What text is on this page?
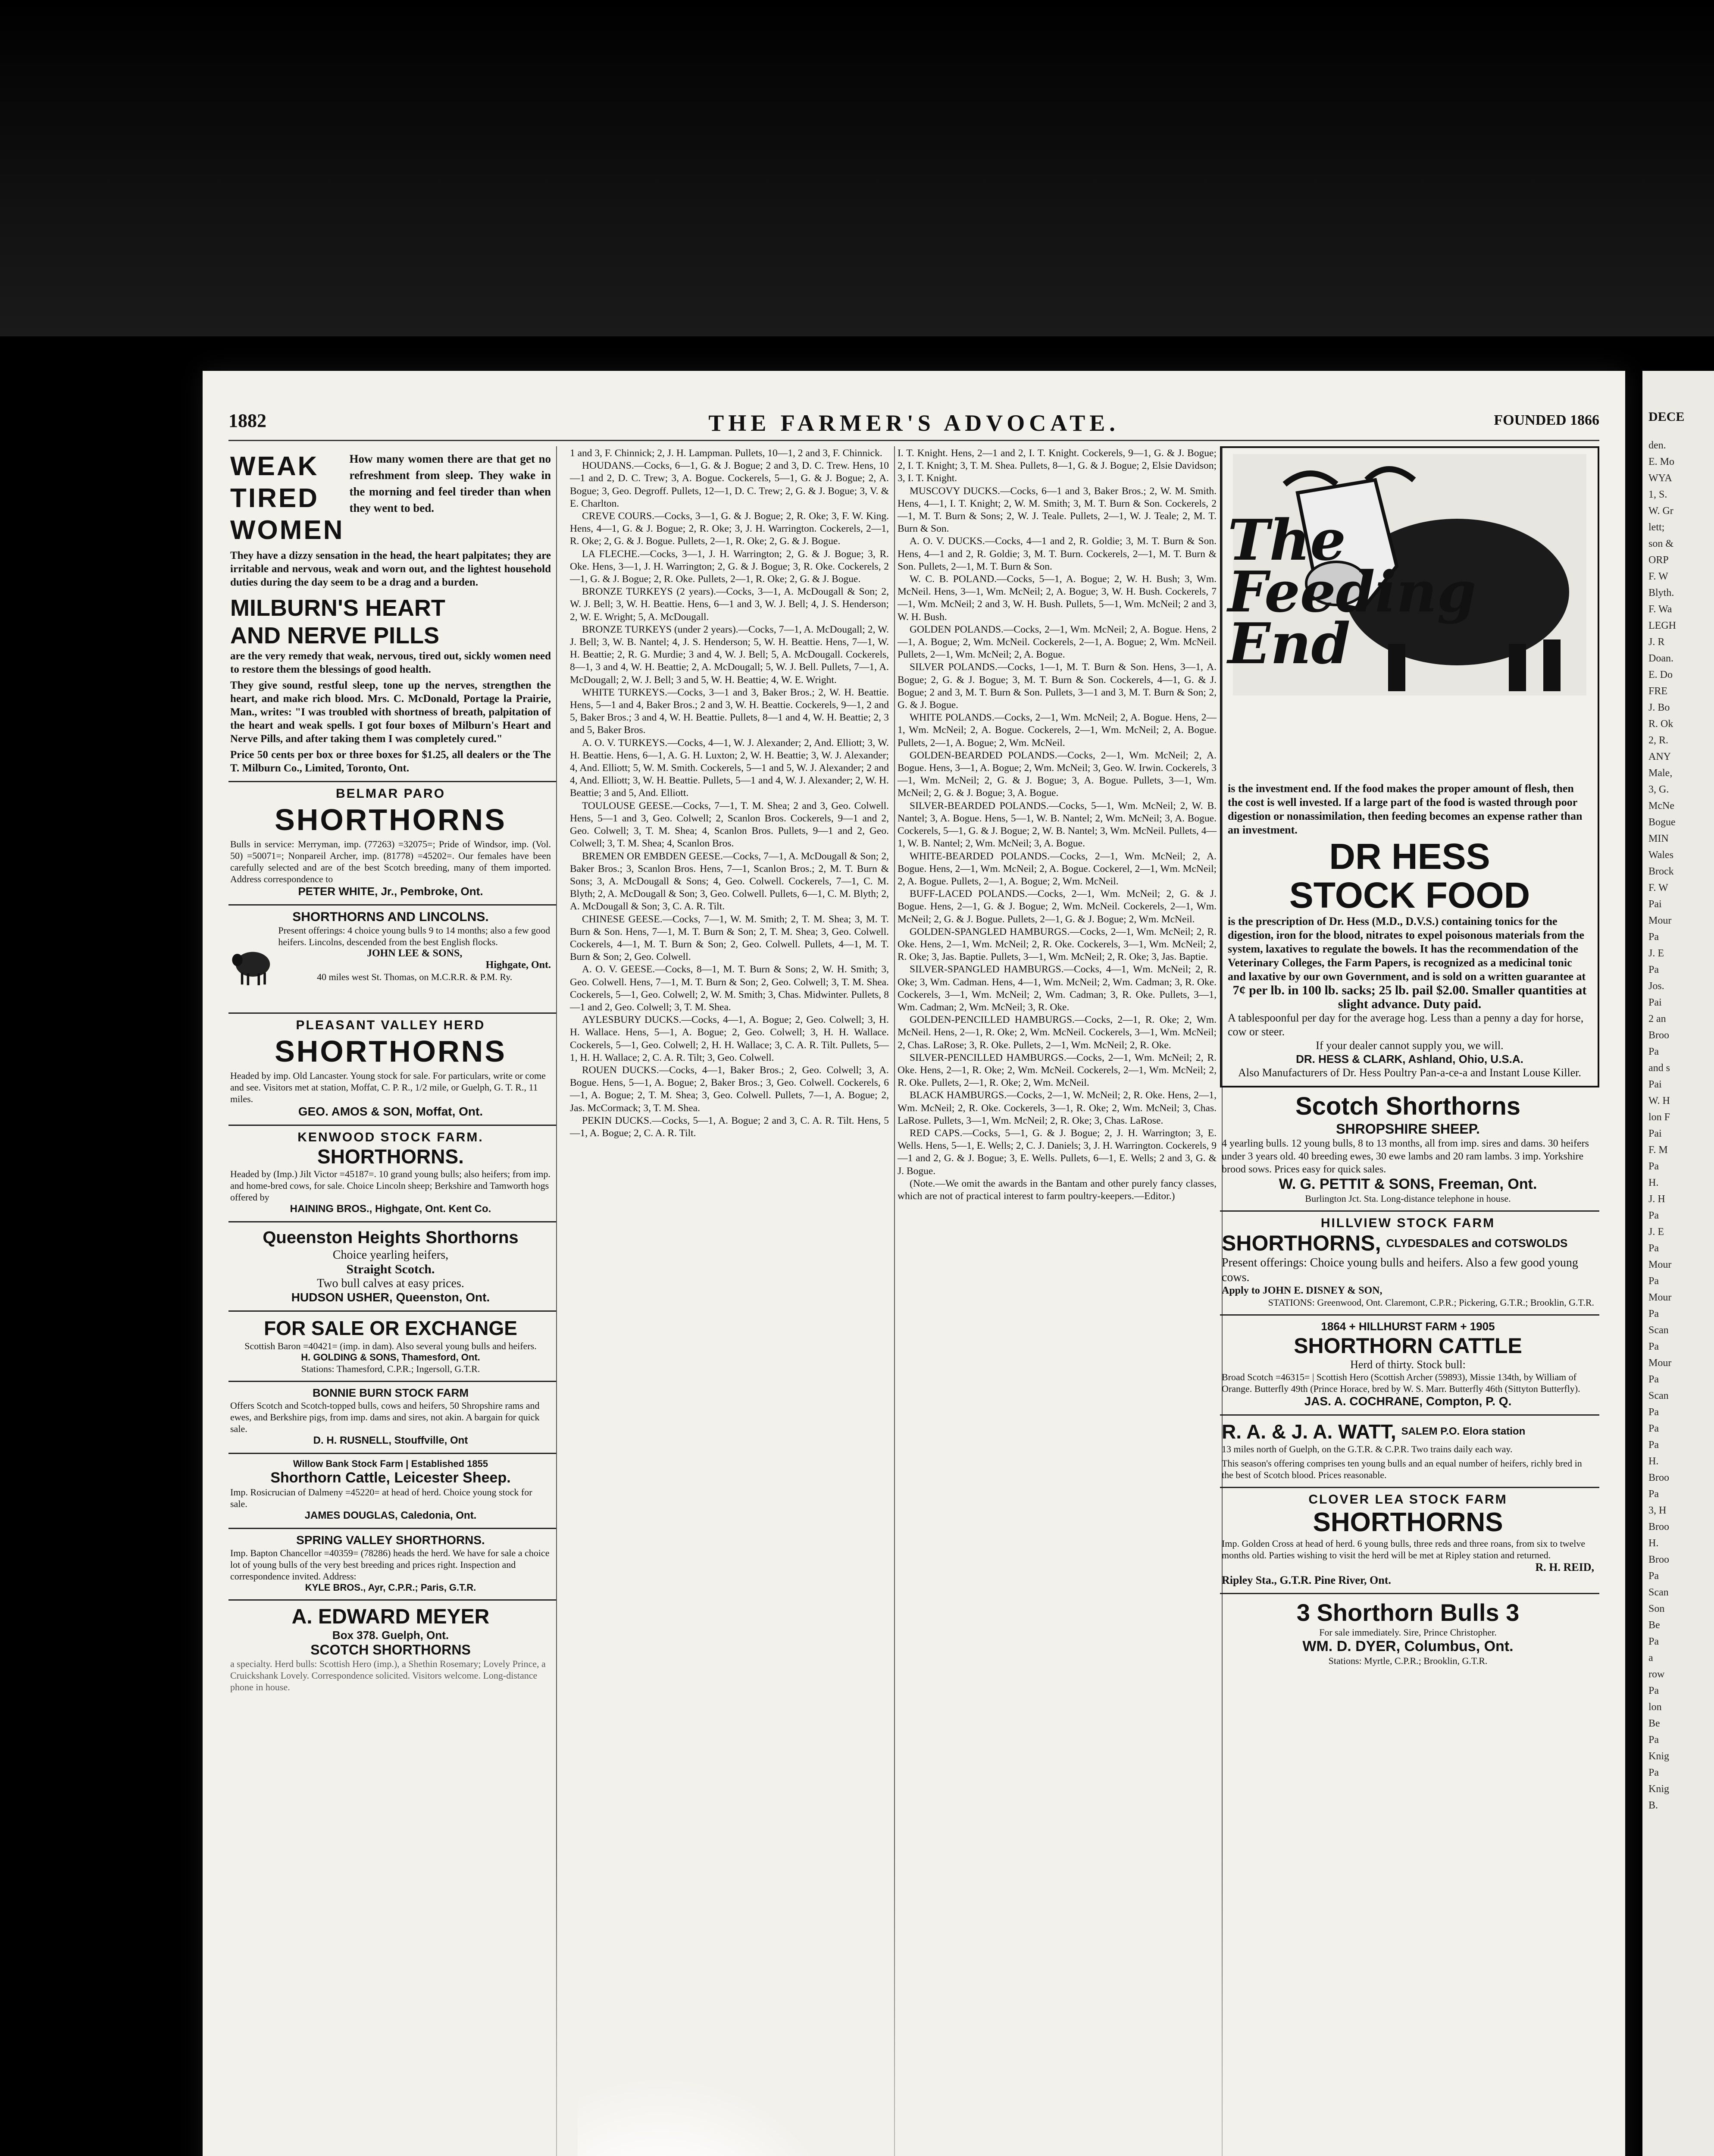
1882	THE FARMER'S ADVOCATE.	FOUNDED 1866
WEAK
TIRED
WOMEN
How many women there are that get no refreshment from sleep. They wake in the morning and feel tireder than when they went to bed.
They have a dizzy sensation in the head, the heart palpitates; they are irritable and nervous, weak and worn out, and the lightest household duties during the day seem to be a drag and a burden.
MILBURN'S HEART
AND NERVE PILLS
are the very remedy that weak, nervous, tired out, sickly women need to restore them the blessings of good health.
They give sound, restful sleep, tone up the nerves, strengthen the heart, and make rich blood. Mrs. C. McDonald, Portage la Prairie, Man., writes: "I was troubled with shortness of breath, palpitation of the heart and weak spells. I got four boxes of Milburn's Heart and Nerve Pills, and after taking them I was completely cured."
Price 50 cents per box or three boxes for $1.25, all dealers or the The T. Milburn Co., Limited, Toronto, Ont.
BELMAR PARO
SHORTHORNS
Bulls in service: Merryman, imp. (77263) =32075=; Pride of Windsor, imp. (Vol. 50) =50071=; Nonpareil Archer, imp. (81778) =45202=. Our females have been carefully selected and are of the best Scotch breeding, many of them imported. Address correspondence to
PETER WHITE, Jr., Pembroke, Ont.
SHORTHORNS AND LINCOLNS.
Present offerings: 4 choice young bulls 9 to 14 months; also a few good heifers. Lincolns, descended from the best English flocks.
JOHN LEE & SONS,
Highgate, Ont.
40 miles west St. Thomas, on M.C.R.R. & P.M. Ry.
PLEASANT VALLEY HERD
SHORTHORNS
Headed by imp. Old Lancaster. Young stock for sale. For particulars, write or come and see. Visitors met at station, Moffat, C. P. R., 1/2 mile, or Guelph, G. T. R., 11 miles.
GEO. AMOS & SON, Moffat, Ont.
KENWOOD STOCK FARM.
SHORTHORNS.
Headed by (Imp.) Jilt Victor =45187=. 10 grand young bulls; also heifers; from imp. and home-bred cows, for sale. Choice Lincoln sheep; Berkshire and Tamworth hogs offered by
HAINING BROS., Highgate, Ont. Kent Co.
Queenston Heights Shorthorns
Choice yearling heifers,
Straight Scotch.
Two bull calves at easy prices.
HUDSON USHER, Queenston, Ont.
FOR SALE OR EXCHANGE
Scottish Baron =40421= (imp. in dam). Also several young bulls and heifers.
H. GOLDING & SONS, Thamesford, Ont.
Stations: Thamesford, C.P.R.; Ingersoll, G.T.R.
BONNIE BURN STOCK FARM
Offers Scotch and Scotch-topped bulls, cows and heifers, 50 Shropshire rams and ewes, and Berkshire pigs, from imp. dams and sires, not akin. A bargain for quick sale.
D. H. RUSNELL, Stouffville, Ont
Willow Bank Stock Farm | Established 1855
Shorthorn Cattle, Leicester Sheep.
Imp. Rosicrucian of Dalmeny =45220= at head of herd. Choice young stock for sale.
JAMES DOUGLAS, Caledonia, Ont.
SPRING VALLEY SHORTHORNS.
Imp. Bapton Chancellor =40359= (78286) heads the herd. We have for sale a choice lot of young bulls of the very best breeding and prices right. Inspection and correspondence invited. Address:
KYLE BROS., Ayr, C.P.R.; Paris, G.T.R.
A. EDWARD MEYER
Box 378. Guelph, Ont.
SCOTCH SHORTHORNS
a specialty. Herd bulls: Scottish Hero (imp.), a Shethin Rosemary; Lovely Prince, a Cruickshank Lovely. Correspondence solicited. Visitors welcome. Long-distance phone in house.

1 and 3, F. Chinnick; 2, J. H. Lampman. Pullets, 10—1, 2 and 3, F. Chinnick.

HOUDANS.—Cocks, 6—1, G. & J. Bogue; 2 and 3, D. C. Trew. Hens, 10—1 and 2, D. C. Trew; 3, A. Bogue. Cockerels, 5—1, G. & J. Bogue; 2, A. Bogue; 3, Geo. Degroff. Pullets, 12—1, D. C. Trew; 2, G. & J. Bogue; 3, V. & E. Charlton.

CREVE COURS.—Cocks, 3—1, G. & J. Bogue; 2, R. Oke; 3, F. W. King. Hens, 4—1, G. & J. Bogue; 2, R. Oke; 3, J. H. Warrington. Cockerels, 2—1, R. Oke; 2, G. & J. Bogue. Pullets, 2—1, R. Oke; 2, G. & J. Bogue.

LA FLECHE.—Cocks, 3—1, J. H. Warrington; 2, G. & J. Bogue; 3, R. Oke. Hens, 3—1, J. H. Warrington; 2, G. & J. Bogue; 3, R. Oke. Cockerels, 2—1, G. & J. Bogue; 2, R. Oke. Pullets, 2—1, R. Oke; 2, G. & J. Bogue.

BRONZE TURKEYS (2 years).—Cocks, 3—1, A. McDougall & Son; 2, W. J. Bell; 3, W. H. Beattie. Hens, 6—1 and 3, W. J. Bell; 4, J. S. Henderson; 2, W. E. Wright; 5, A. McDougall.

BRONZE TURKEYS (under 2 years).—Cocks, 7—1, A. McDougall; 2, W. J. Bell; 3, W. B. Nantel; 4, J. S. Henderson; 5, W. H. Beattie. Hens, 7—1, W. H. Beattie; 2, R. G. Murdie; 3 and 4, W. J. Bell; 5, A. McDougall. Cockerels, 8—1, 3 and 4, W. H. Beattie; 2, A. McDougall; 5, W. J. Bell. Pullets, 7—1, A. McDougall; 2, W. J. Bell; 3 and 5, W. H. Beattie; 4, W. E. Wright.

WHITE TURKEYS.—Cocks, 3—1 and 3, Baker Bros.; 2, W. H. Beattie. Hens, 5—1 and 4, Baker Bros.; 2 and 3, W. H. Beattie. Cockerels, 9—1, 2 and 5, Baker Bros.; 3 and 4, W. H. Beattie. Pullets, 8—1 and 4, W. H. Beattie; 2, 3 and 5, Baker Bros.

A. O. V. TURKEYS.—Cocks, 4—1, W. J. Alexander; 2, And. Elliott; 3, W. H. Beattie. Hens, 6—1, A. G. H. Luxton; 2, W. H. Beattie; 3, W. J. Alexander; 4, And. Elliott; 5, W. M. Smith. Cockerels, 5—1 and 5, W. J. Alexander; 2 and 4, And. Elliott; 3, W. H. Beattie. Pullets, 5—1 and 4, W. J. Alexander; 2, W. H. Beattie; 3 and 5, And. Elliott.

TOULOUSE GEESE.—Cocks, 7—1, T. M. Shea; 2 and 3, Geo. Colwell. Hens, 5—1 and 3, Geo. Colwell; 2, Scanlon Bros. Cockerels, 9—1 and 2, Geo. Colwell; 3, T. M. Shea; 4, Scanlon Bros. Pullets, 9—1 and 2, Geo. Colwell; 3, T. M. Shea; 4, Scanlon Bros.

BREMEN OR EMBDEN GEESE.—Cocks, 7—1, A. McDougall & Son; 2, Baker Bros.; 3, Scanlon Bros. Hens, 7—1, Scanlon Bros.; 2, M. T. Burn & Sons; 3, A. McDougall & Sons; 4, Geo. Colwell. Cockerels, 7—1, C. M. Blyth; 2, A. McDougall & Son; 3, Geo. Colwell. Pullets, 6—1, C. M. Blyth; 2, A. McDougall & Son; 3, C. A. R. Tilt.

CHINESE GEESE.—Cocks, 7—1, W. M. Smith; 2, T. M. Shea; 3, M. T. Burn & Son. Hens, 7—1, M. T. Burn & Son; 2, T. M. Shea; 3, Geo. Colwell. Cockerels, 4—1, M. T. Burn & Son; 2, Geo. Colwell. Pullets, 4—1, M. T. Burn & Son; 2, Geo. Colwell.

A. O. V. GEESE.—Cocks, 8—1, M. T. Burn & Sons; 2, W. H. Smith; 3, Geo. Colwell. Hens, 7—1, M. T. Burn & Son; 2, Geo. Colwell; 3, T. M. Shea. Cockerels, 5—1, Geo. Colwell; 2, W. M. Smith; 3, Chas. Midwinter. Pullets, 8—1 and 2, Geo. Colwell; 3, T. M. Shea.

AYLESBURY DUCKS.—Cocks, 4—1, A. Bogue; 2, Geo. Colwell; 3, H. H. Wallace. Hens, 5—1, A. Bogue; 2, Geo. Colwell; 3, H. H. Wallace. Cockerels, 5—1, Geo. Colwell; 2, H. H. Wallace; 3, C. A. R. Tilt. Pullets, 5—1, H. H. Wallace; 2, C. A. R. Tilt; 3, Geo. Colwell.

ROUEN DUCKS.—Cocks, 4—1, Baker Bros.; 2, Geo. Colwell; 3, A. Bogue. Hens, 5—1, A. Bogue; 2, Baker Bros.; 3, Geo. Colwell. Cockerels, 6—1, A. Bogue; 2, T. M. Shea; 3, Geo. Colwell. Pullets, 7—1, A. Bogue; 2, Jas. McCormack; 3, T. M. Shea.

PEKIN DUCKS.—Cocks, 5—1, A. Bogue; 2 and 3, C. A. R. Tilt. Hens, 5—1, A. Bogue; 2, C. A. R. Tilt.

I. T. Knight. Hens, 2—1 and 2, I. T. Knight. Cockerels, 9—1, G. & J. Bogue; 2, I. T. Knight; 3, T. M. Shea. Pullets, 8—1, G. & J. Bogue; 2, Elsie Davidson; 3, I. T. Knight.

MUSCOVY DUCKS.—Cocks, 6—1 and 3, Baker Bros.; 2, W. M. Smith. Hens, 4—1, I. T. Knight; 2, W. M. Smith; 3, M. T. Burn & Son. Cockerels, 2—1, M. T. Burn & Sons; 2, W. J. Teale. Pullets, 2—1, W. J. Teale; 2, M. T. Burn & Son.

A. O. V. DUCKS.—Cocks, 4—1 and 2, R. Goldie; 3, M. T. Burn & Son. Hens, 4—1 and 2, R. Goldie; 3, M. T. Burn. Cockerels, 2—1, M. T. Burn & Son. Pullets, 2—1, M. T. Burn & Son.

W. C. B. POLAND.—Cocks, 5—1, A. Bogue; 2, W. H. Bush; 3, Wm. McNeil. Hens, 3—1, Wm. McNeil; 2, A. Bogue; 3, W. H. Bush. Cockerels, 7—1, Wm. McNeil; 2 and 3, W. H. Bush. Pullets, 5—1, Wm. McNeil; 2 and 3, W. H. Bush.

GOLDEN POLANDS.—Cocks, 2—1, Wm. McNeil; 2, A. Bogue. Hens, 2—1, A. Bogue; 2, Wm. McNeil. Cockerels, 2—1, A. Bogue; 2, Wm. McNeil. Pullets, 2—1, Wm. McNeil; 2, A. Bogue.

SILVER POLANDS.—Cocks, 1—1, M. T. Burn & Son. Hens, 3—1, A. Bogue; 2, G. & J. Bogue; 3, M. T. Burn & Son. Cockerels, 4—1, G. & J. Bogue; 2 and 3, M. T. Burn & Son. Pullets, 3—1 and 3, M. T. Burn & Son; 2, G. & J. Bogue.

WHITE POLANDS.—Cocks, 2—1, Wm. McNeil; 2, A. Bogue. Hens, 2—1, Wm. McNeil; 2, A. Bogue. Cockerels, 2—1, Wm. McNeil; 2, A. Bogue. Pullets, 2—1, A. Bogue; 2, Wm. McNeil.

GOLDEN-BEARDED POLANDS.—Cocks, 2—1, Wm. McNeil; 2, A. Bogue. Hens, 3—1, A. Bogue; 2, Wm. McNeil; 3, Geo. W. Irwin. Cockerels, 3—1, Wm. McNeil; 2, G. & J. Bogue; 3, A. Bogue. Pullets, 3—1, Wm. McNeil; 2, G. & J. Bogue; 3, A. Bogue.

SILVER-BEARDED POLANDS.—Cocks, 5—1, Wm. McNeil; 2, W. B. Nantel; 3, A. Bogue. Hens, 5—1, W. B. Nantel; 2, Wm. McNeil; 3, A. Bogue. Cockerels, 5—1, G. & J. Bogue; 2, W. B. Nantel; 3, Wm. McNeil. Pullets, 4—1, W. B. Nantel; 2, Wm. McNeil; 3, A. Bogue.

WHITE-BEARDED POLANDS.—Cocks, 2—1, Wm. McNeil; 2, A. Bogue. Hens, 2—1, Wm. McNeil; 2, A. Bogue. Cockerel, 2—1, Wm. McNeil; 2, A. Bogue. Pullets, 2—1, A. Bogue; 2, Wm. McNeil.

BUFF-LACED POLANDS.—Cocks, 2—1, Wm. McNeil; 2, G. & J. Bogue. Hens, 2—1, G. & J. Bogue; 2, Wm. McNeil. Cockerels, 2—1, Wm. McNeil; 2, G. & J. Bogue. Pullets, 2—1, G. & J. Bogue; 2, Wm. McNeil.

GOLDEN-SPANGLED HAMBURGS.—Cocks, 2—1, Wm. McNeil; 2, R. Oke. Hens, 2—1, Wm. McNeil; 2, R. Oke. Cockerels, 3—1, Wm. McNeil; 2, R. Oke; 3, Jas. Baptie. Pullets, 3—1, Wm. McNeil; 2, R. Oke; 3, Jas. Baptie.

SILVER-SPANGLED HAMBURGS.—Cocks, 4—1, Wm. McNeil; 2, R. Oke; 3, Wm. Cadman. Hens, 4—1, Wm. McNeil; 2, Wm. Cadman; 3, R. Oke. Cockerels, 3—1, Wm. McNeil; 2, Wm. Cadman; 3, R. Oke. Pullets, 3—1, Wm. Cadman; 2, Wm. McNeil; 3, R. Oke.

GOLDEN-PENCILLED HAMBURGS.—Cocks, 2—1, R. Oke; 2, Wm. McNeil. Hens, 2—1, R. Oke; 2, Wm. McNeil. Cockerels, 3—1, Wm. McNeil; 2, Chas. LaRose; 3, R. Oke. Pullets, 2—1, Wm. McNeil; 2, R. Oke.

SILVER-PENCILLED HAMBURGS.—Cocks, 2—1, Wm. McNeil; 2, R. Oke. Hens, 2—1, R. Oke; 2, Wm. McNeil. Cockerels, 2—1, Wm. McNeil; 2, R. Oke. Pullets, 2—1, R. Oke; 2, Wm. McNeil.

BLACK HAMBURGS.—Cocks, 2—1, W. McNeil; 2, R. Oke. Hens, 2—1, Wm. McNeil; 2, R. Oke. Cockerels, 3—1, R. Oke; 2, Wm. McNeil; 3, Chas. LaRose. Pullets, 3—1, Wm. McNeil; 2, R. Oke; 3, Chas. LaRose.

RED CAPS.—Cocks, 5—1, G. & J. Bogue; 2, J. H. Warrington; 3, E. Wells. Hens, 5—1, E. Wells; 2, C. J. Daniels; 3, J. H. Warrington. Cockerels, 9—1 and 2, G. & J. Bogue; 3, E. Wells. Pullets, 6—1, E. Wells; 2 and 3, G. & J. Bogue.

(Note.—We omit the awards in the Bantam and other purely fancy classes, which are not of practical interest to farm poultry-keepers.—Editor.)

The Feeding End
is the investment end. If the food makes the proper amount of flesh, then the cost is well invested. If a large part of the food is wasted through poor digestion or nonassimilation, then feeding becomes an expense rather than an investment.
DR HESS
STOCK FOOD
is the prescription of Dr. Hess (M.D., D.V.S.) containing tonics for the digestion, iron for the blood, nitrates to expel poisonous materials from the system, laxatives to regulate the bowels. It has the recommendation of the Veterinary Colleges, the Farm Papers, is recognized as a medicinal tonic and laxative by our own Government, and is sold on a written guarantee at
7¢ per lb. in 100 lb. sacks; 25 lb. pail $2.00. Smaller quantities at slight advance. Duty paid.
A tablespoonful per day for the average hog. Less than a penny a day for horse, cow or steer.
If your dealer cannot supply you, we will.
DR. HESS & CLARK, Ashland, Ohio, U.S.A.
Also Manufacturers of Dr. Hess Poultry Pan-a-ce-a and Instant Louse Killer.
Scotch Shorthorns
SHROPSHIRE SHEEP.
4 yearling bulls. 12 young bulls, 8 to 13 months, all from imp. sires and dams. 30 heifers under 3 years old. 40 breeding ewes, 30 ewe lambs and 20 ram lambs. 3 imp. Yorkshire brood sows. Prices easy for quick sales.
W. G. PETTIT & SONS, Freeman, Ont.
Burlington Jct. Sta. Long-distance telephone in house.
HILLVIEW STOCK FARM
SHORTHORNS, CLYDESDALES and COTSWOLDS
Present offerings: Choice young bulls and heifers. Also a few good young cows.
Apply to JOHN E. DISNEY & SON,
STATIONS: Greenwood, Ont. Claremont, C.P.R.; Pickering, G.T.R.; Brooklin, G.T.R.
1864 + HILLHURST FARM + 1905
SHORTHORN CATTLE
Herd of thirty. Stock bull:
Broad Scotch =46315= | Scottish Hero (Scottish Archer (59893), Missie 134th, by William of Orange. Butterfly 49th (Prince Horace, bred by W. S. Marr. Butterfly 46th (Sittyton Butterfly).
JAS. A. COCHRANE, Compton, P. Q.
R. A. & J. A. WATT, SALEM P.O. Elora station
13 miles north of Guelph, on the G.T.R. & C.P.R. Two trains daily each way.
This season's offering comprises ten young bulls and an equal number of heifers, richly bred in the best of Scotch blood. Prices reasonable.
CLOVER LEA STOCK FARM
SHORTHORNS
Imp. Golden Cross at head of herd. 6 young bulls, three reds and three roans, from six to twelve months old. Parties wishing to visit the herd will be met at Ripley station and returned.
R. H. REID,
Ripley Sta., G.T.R. Pine River, Ont.
3 Shorthorn Bulls 3
For sale immediately. Sire, Prince Christopher.
WM. D. DYER, Columbus, Ont.
Stations: Myrtle, C.P.R.; Brooklin, G.T.R.
DECE
den.
E. Mo
WYA
1, S.
W. Gr
lett;
son &
ORP
F. W
Blyth.
F. Wa
LEGH
J. R
Doan.
E. Do
FRE
J. Bo
R. Ok
2, R.
ANY
Male,
3, G.
McNe
Bogue
MIN
Wales
Brock
F. W
Pai
Mour
Pa
J. E
Pa
Jos.
Pai
2 an
Broo
Pa
and s
Pai
W. H
lon F
Pai
F. M
Pa
H.
J. H
Pa
J. E
Pa
Mour
Pa
Mour
Pa
Scan
Pa
Mour
Pa
Scan
Pa
Pa
Pa
H.
Broo
Pa
3, H
Broo
H.
Broo
Pa
Scan
Son
Be
Pa
a
row
Pa
lon
Be
Pa
Knig
Pa
Knig
B.
